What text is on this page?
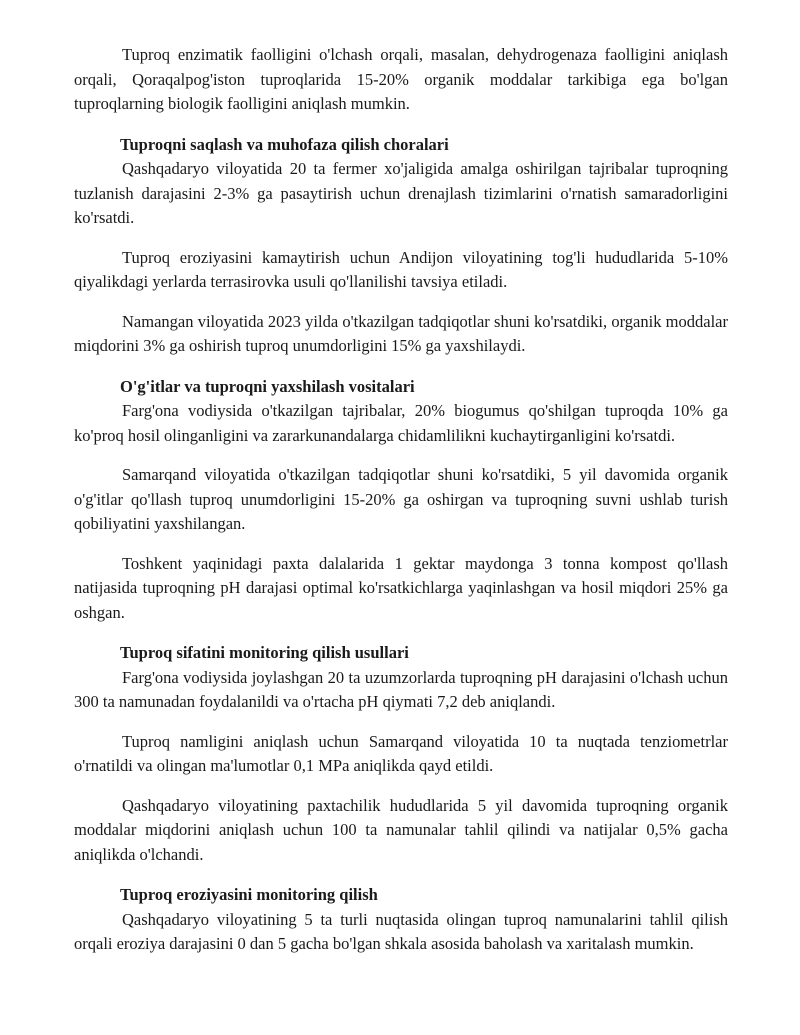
Tuproq enzimatik faolligini o'lchash orqali, masalan, dehydrogenaza faolligini aniqlash orqali, Qoraqalpog'iston tuproqlarida 15-20% organik moddalar tarkibiga ega bo'lgan tuproqlarning biologik faolligini aniqlash mumkin.

Tuproqni saqlash va muhofaza qilish choralari

Qashqadaryo viloyatida 20 ta fermer xo'jaligida amalga oshirilgan tajribalar tuproqning tuzlanish darajasini 2-3% ga pasaytirish uchun drenajlash tizimlarini o'rnatish samaradorligini ko'rsatdi.

Tuproq eroziyasini kamaytirish uchun Andijon viloyatining tog'li hududlarida 5-10% qiyalikdagi yerlarda terrasirovka usuli qo'llanilishi tavsiya etiladi.

Namangan viloyatida 2023 yilda o'tkazilgan tadqiqotlar shuni ko'rsatdiki, organik moddalar miqdorini 3% ga oshirish tuproq unumdorligini 15% ga yaxshilaydi.

O'g'itlar va tuproqni yaxshilash vositalari

Farg'ona vodiysida o'tkazilgan tajribalar, 20% biogumus qo'shilgan tuproqda 10% ga ko'proq hosil olinganligini va zararkunandalarga chidamlilikni kuchaytirganligini ko'rsatdi.

Samarqand viloyatida o'tkazilgan tadqiqotlar shuni ko'rsatdiki, 5 yil davomida organik o'g'itlar qo'llash tuproq unumdorligini 15-20% ga oshirgan va tuproqning suvni ushlab turish qobiliyatini yaxshilangan.

Toshkent yaqinidagi paxta dalalarida 1 gektar maydonga 3 tonna kompost qo'llash natijasida tuproqning pH darajasi optimal ko'rsatkichlarga yaqinlashgan va hosil miqdori 25% ga oshgan.

Tuproq sifatini monitoring qilish usullari

Farg'ona vodiysida joylashgan 20 ta uzumzorlarda tuproqning pH darajasini o'lchash uchun 300 ta namunadan foydalanildi va o'rtacha pH qiymati 7,2 deb aniqlandi.

Tuproq namligini aniqlash uchun Samarqand viloyatida 10 ta nuqtada tenziometrlar o'rnatildi va olingan ma'lumotlar 0,1 MPa aniqlikda qayd etildi.

Qashqadaryo viloyatining paxtachilik hududlarida 5 yil davomida tuproqning organik moddalar miqdorini aniqlash uchun 100 ta namunalar tahlil qilindi va natijalar 0,5% gacha aniqlikda o'lchandi.

Tuproq eroziyasini monitoring qilish

Qashqadaryo viloyatining 5 ta turli nuqtasida olingan tuproq namunalarini tahlil qilish orqali eroziya darajasini 0 dan 5 gacha bo'lgan shkala asosida baholash va xaritalash mumkin.
